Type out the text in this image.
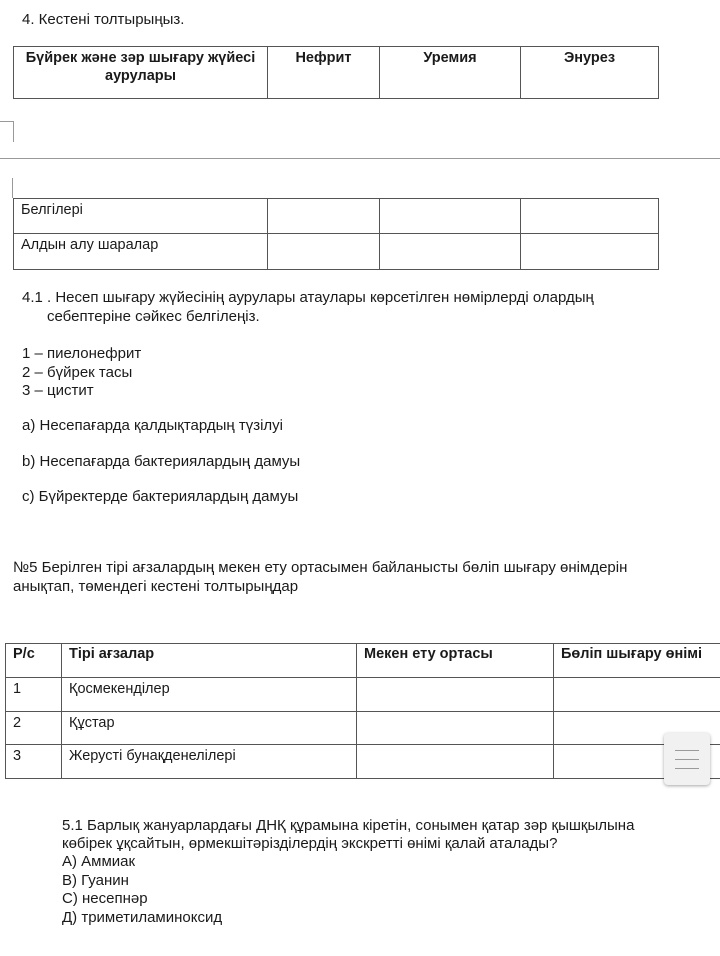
4. Кестені толтырыңыз.
Бүйрек және зәр шығару жүйесі аурулары	Нефрит	Уремия	Энурез
Белгілері			

Алдын алу шаралар			

4.1 . Несеп шығару жүйесінің аурулары атаулары көрсетілген нөмірлерді олардың
себептеріне сәйкес белгілеңіз.
1 – пиелонефрит
2 – бүйрек тасы
3 – цистит
a) Несепағарда қалдықтардың түзілуі
b) Несепағарда бактериялардың дамуы
c) Бүйректерде бактериялардың дамуы
№5 Берілген тірі ағзалардың мекен ету ортасымен байланысты бөліп шығару өнімдерін
анықтап, төмендегі кестені толтырыңдар
Р/с	Тірі ағзалар	Мекен ету ортасы	Бөліп шығару өнімі

1	Қосмекенділер		

2	Құстар		

3	Жерусті бунақденелілері		

5.1 Барлық жануарлардағы ДНҚ құрамына кіретін, сонымен қатар зәр қышқылына
көбірек ұқсайтын, өрмекшітәрізділердің экскретті өнімі қалай аталады?
А) Аммиак
В) Гуанин
С) несепнәр
Д) триметиламиноксид
